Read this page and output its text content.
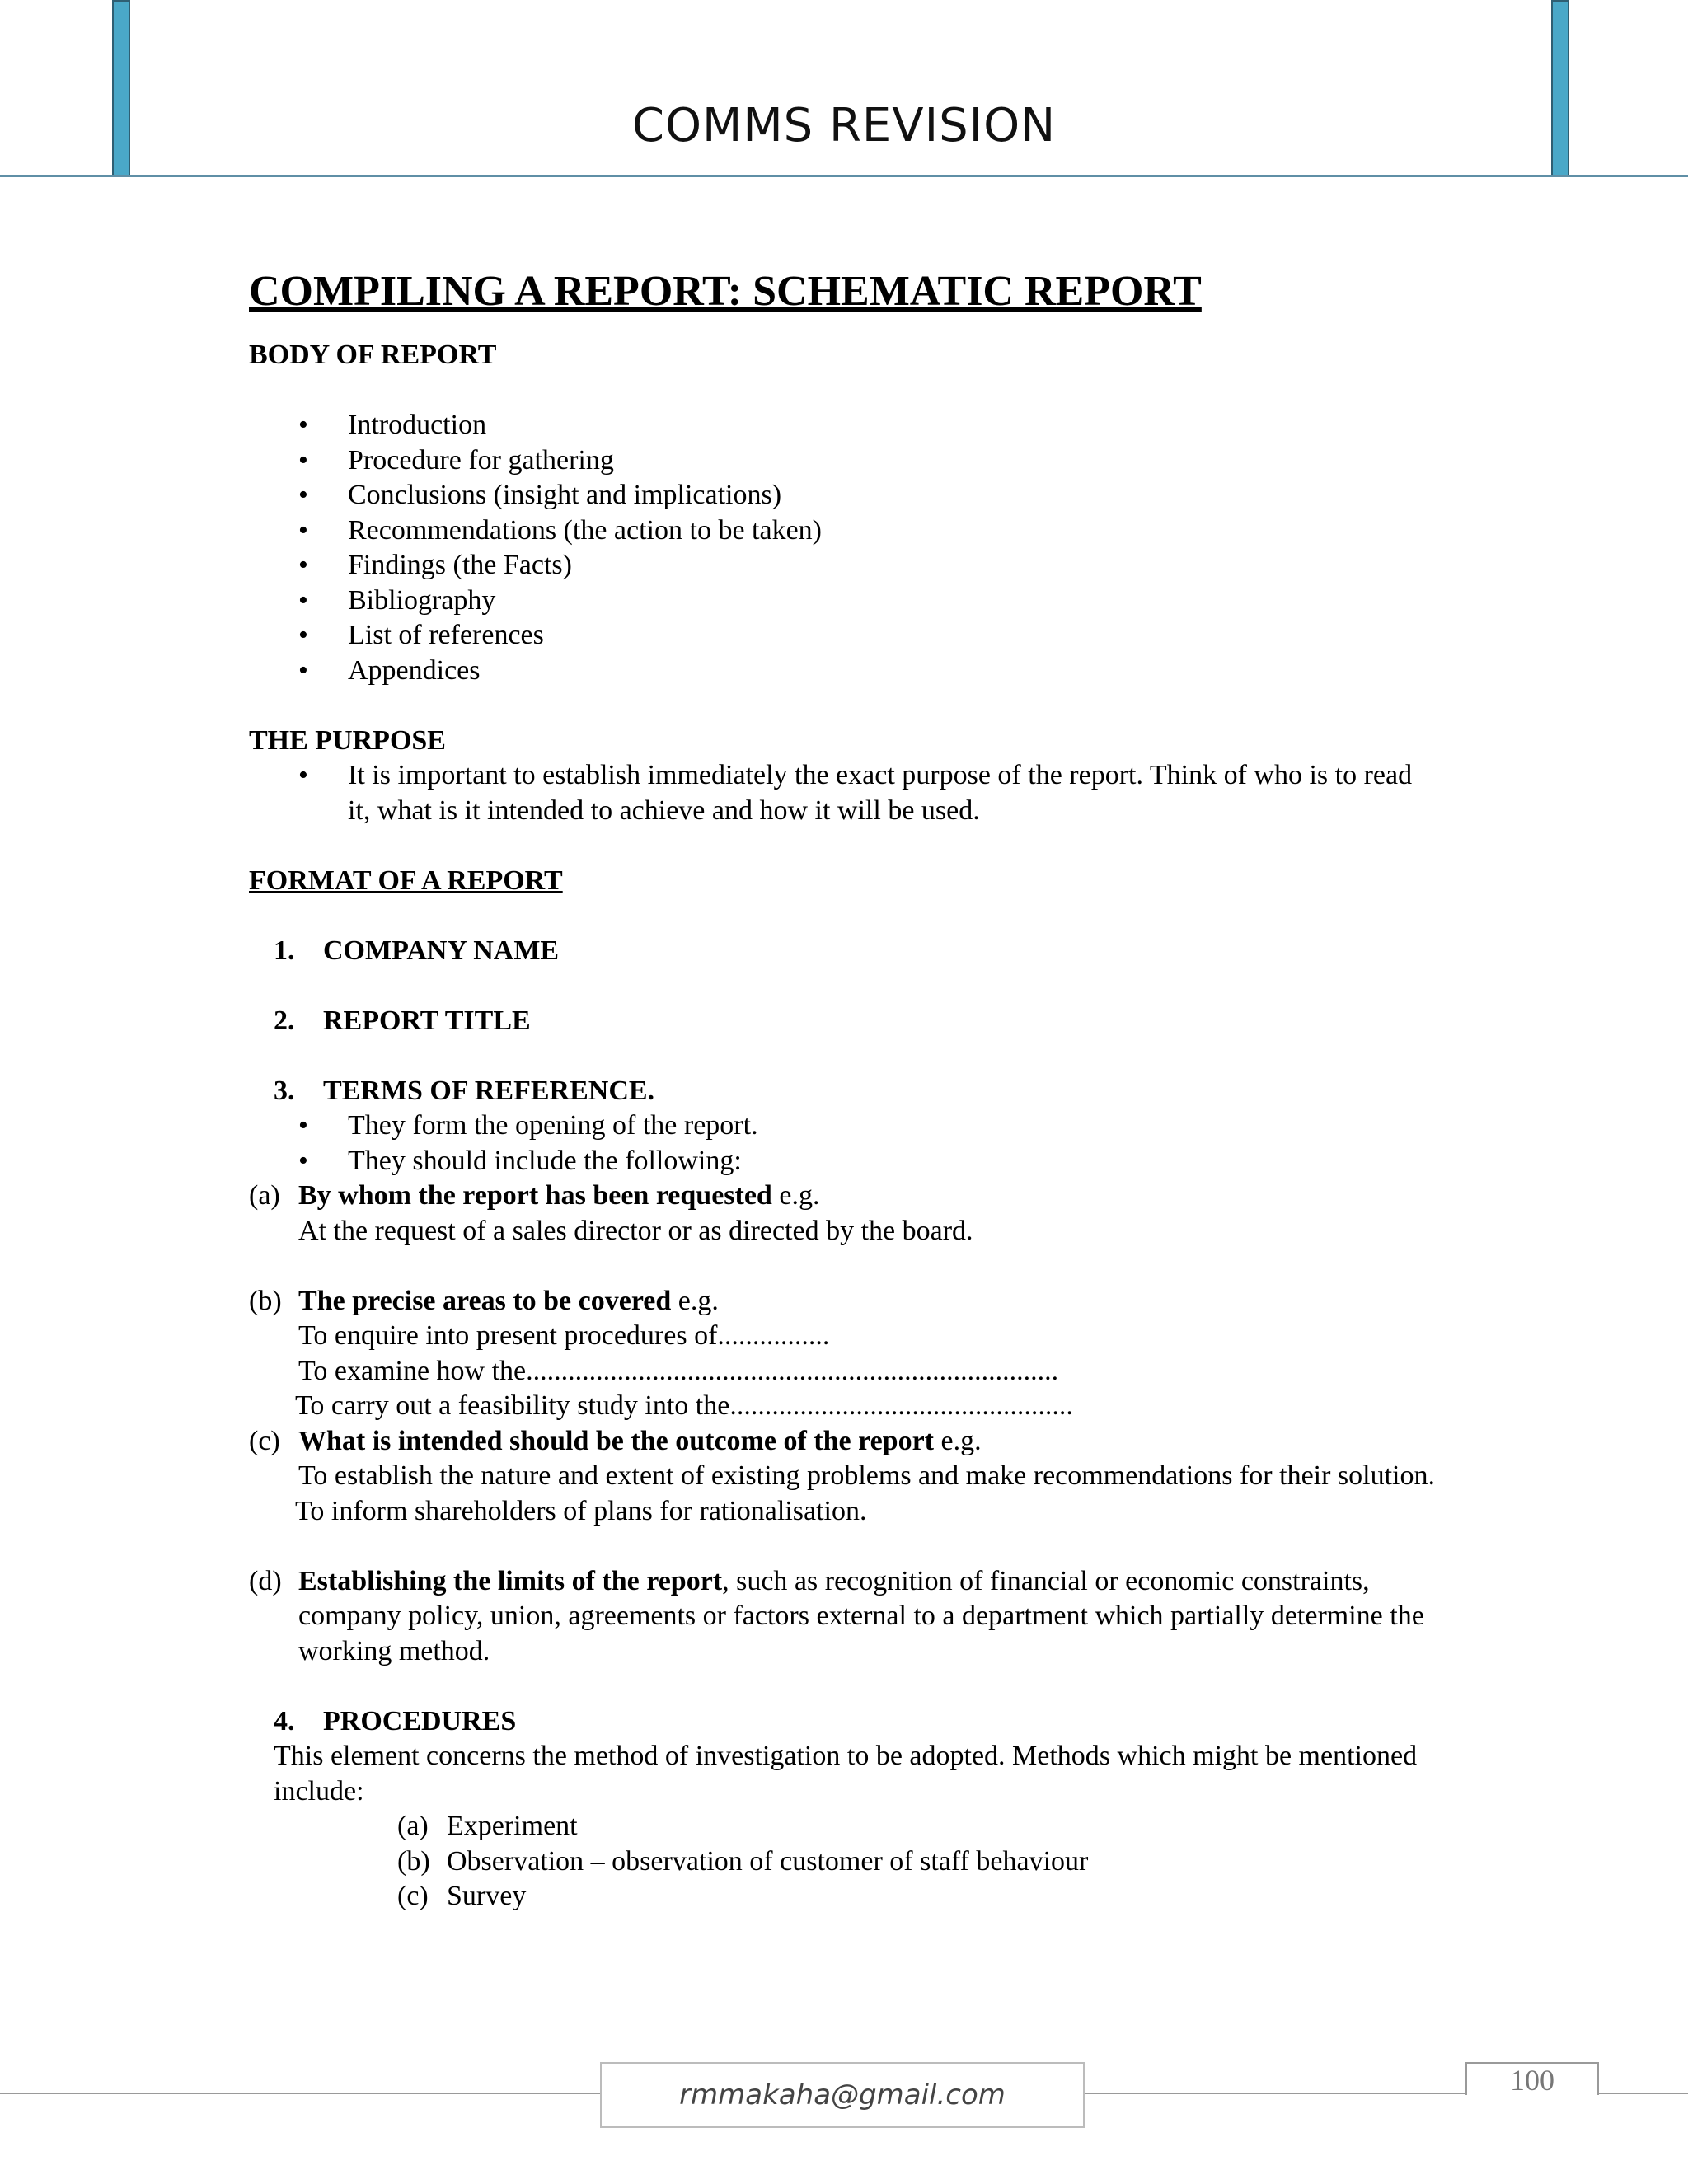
COMMS REVISION
COMPILING A REPORT: SCHEMATIC REPORT
BODY OF REPORT
• Introduction
• Procedure for gathering
• Conclusions (insight and implications)
• Recommendations (the action to be taken)
• Findings (the Facts)
• Bibliography
• List of references
• Appendices
THE PURPOSE
• It is important to establish immediately the exact purpose of the report. Think of who is to read it, what is it intended to achieve and how it will be used.
FORMAT OF A REPORT
1. COMPANY NAME
2. REPORT TITLE
3. TERMS OF REFERENCE.
• They form the opening of the report.
• They should include the following:
(a) By whom the report has been requested e.g.
At the request of a sales director or as directed by the board.
(b) The precise areas to be covered e.g.
To enquire into present procedures of................
To examine how the............................................................................
To carry out a feasibility study into the.................................................
(c) What is intended should be the outcome of the report e.g.
To establish the nature and extent of existing problems and make recommendations for their solution.
To inform shareholders of plans for rationalisation.
(d) Establishing the limits of the report, such as recognition of financial or economic constraints, company policy, union, agreements or factors external to a department which partially determine the working method.
4. PROCEDURES
This element concerns the method of investigation to be adopted. Methods which might be mentioned include:
(a) Experiment
(b) Observation – observation of customer of staff behaviour
(c) Survey
rmmakaha@gmail.com	100
